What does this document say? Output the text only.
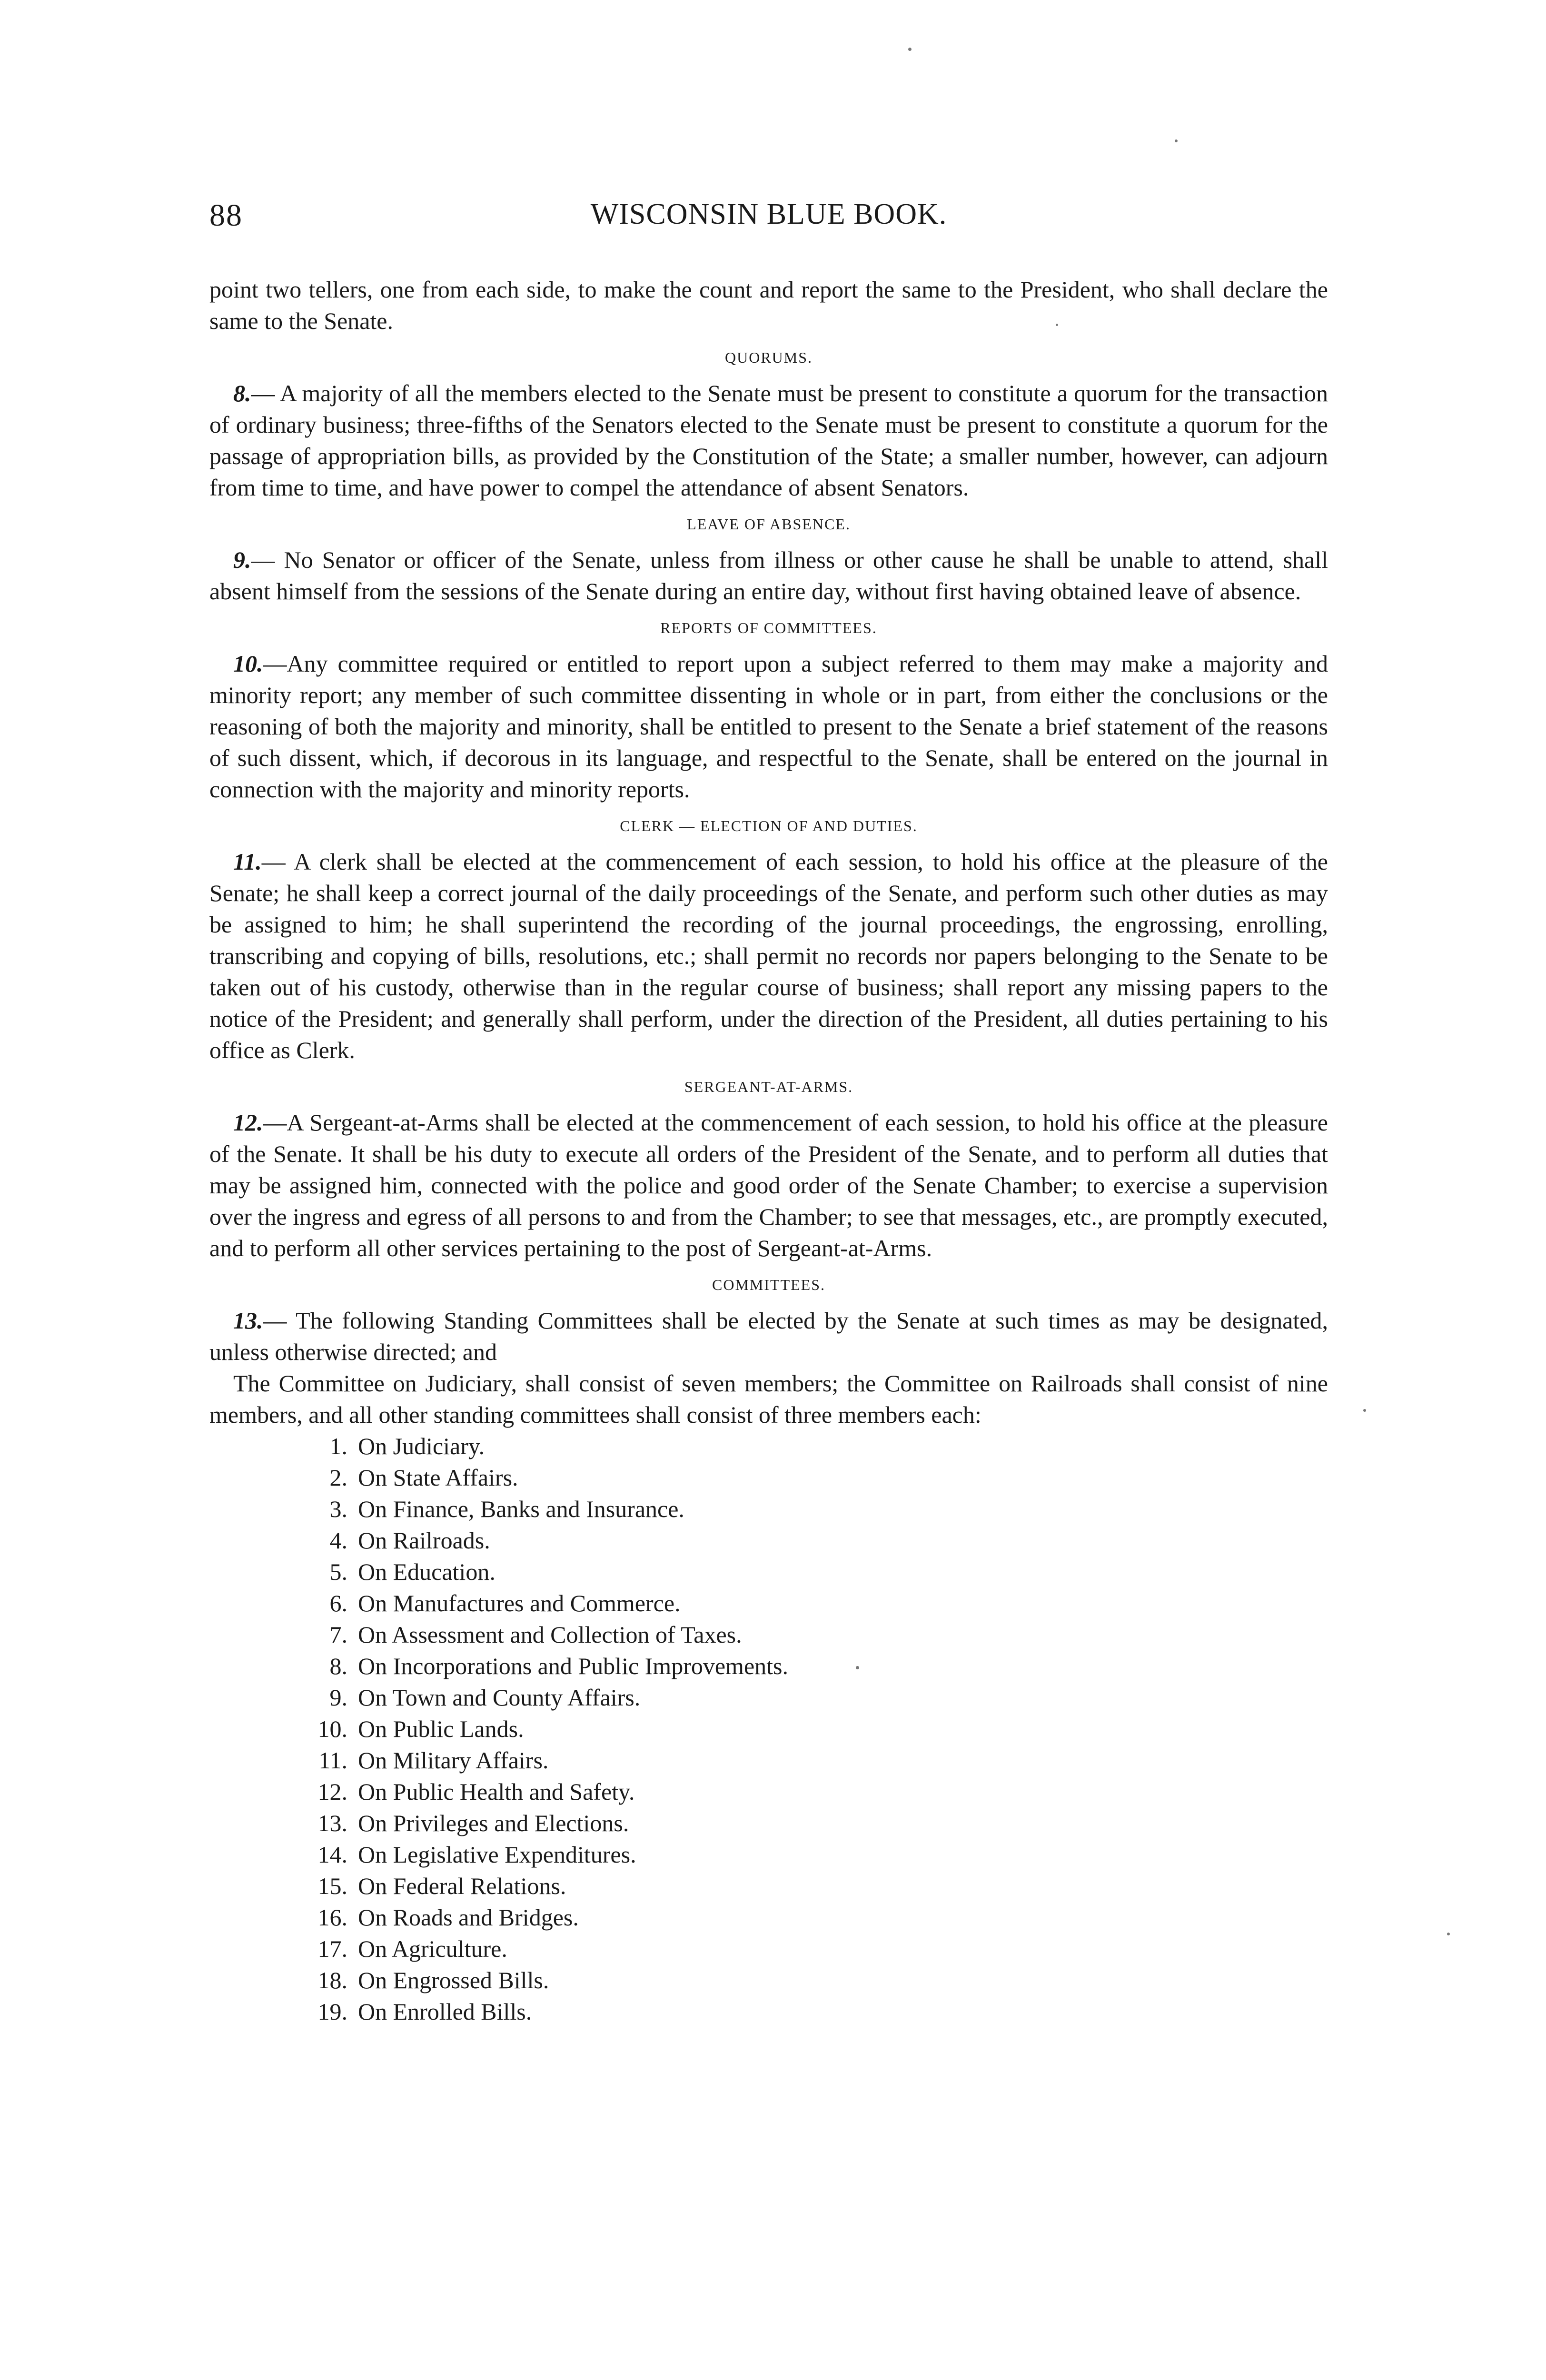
88	WISCONSIN BLUE BOOK.

point two tellers, one from each side, to make the count and report the same to the President, who shall declare the same to the Senate.

QUORUMS.

8.— A majority of all the members elected to the Senate must be present to constitute a quorum for the transaction of ordinary business; three-fifths of the Senators elected to the Senate must be present to constitute a quorum for the passage of appropriation bills, as provided by the Constitution of the State; a smaller number, however, can adjourn from time to time, and have power to compel the attendance of absent Senators.

LEAVE OF ABSENCE.

9.— No Senator or officer of the Senate, unless from illness or other cause he shall be unable to attend, shall absent himself from the sessions of the Senate during an entire day, without first having obtained leave of absence.

REPORTS OF COMMITTEES.

10.—Any committee required or entitled to report upon a subject referred to them may make a majority and minority report; any member of such committee dissenting in whole or in part, from either the conclusions or the reasoning of both the majority and minority, shall be entitled to present to the Senate a brief statement of the reasons of such dissent, which, if decorous in its language, and respectful to the Senate, shall be entered on the journal in connection with the majority and minority reports.

CLERK — ELECTION OF AND DUTIES.

11.— A clerk shall be elected at the commencement of each session, to hold his office at the pleasure of the Senate; he shall keep a correct journal of the daily proceedings of the Senate, and perform such other duties as may be assigned to him; he shall superintend the recording of the journal proceedings, the engrossing, enrolling, transcribing and copying of bills, resolutions, etc.; shall permit no records nor papers belonging to the Senate to be taken out of his custody, otherwise than in the regular course of business; shall report any missing papers to the notice of the President; and generally shall perform, under the direction of the President, all duties pertaining to his office as Clerk.

SERGEANT-AT-ARMS.

12.—A Sergeant-at-Arms shall be elected at the commencement of each session, to hold his office at the pleasure of the Senate. It shall be his duty to execute all orders of the President of the Senate, and to perform all duties that may be assigned him, connected with the police and good order of the Senate Chamber; to exercise a supervision over the ingress and egress of all persons to and from the Chamber; to see that messages, etc., are promptly executed, and to perform all other services pertaining to the post of Sergeant-at-Arms.

COMMITTEES.

13.— The following Standing Committees shall be elected by the Senate at such times as may be designated, unless otherwise directed; and

The Committee on Judiciary, shall consist of seven members; the Committee on Railroads shall consist of nine members, and all other standing committees shall consist of three members each:

1. On Judiciary.
2. On State Affairs.
3. On Finance, Banks and Insurance.
4. On Railroads.
5. On Education.
6. On Manufactures and Commerce.
7. On Assessment and Collection of Taxes.
8. On Incorporations and Public Improvements.
9. On Town and County Affairs.
10. On Public Lands.
11. On Military Affairs.
12. On Public Health and Safety.
13. On Privileges and Elections.
14. On Legislative Expenditures.
15. On Federal Relations.
16. On Roads and Bridges.
17. On Agriculture.
18. On Engrossed Bills.
19. On Enrolled Bills.
